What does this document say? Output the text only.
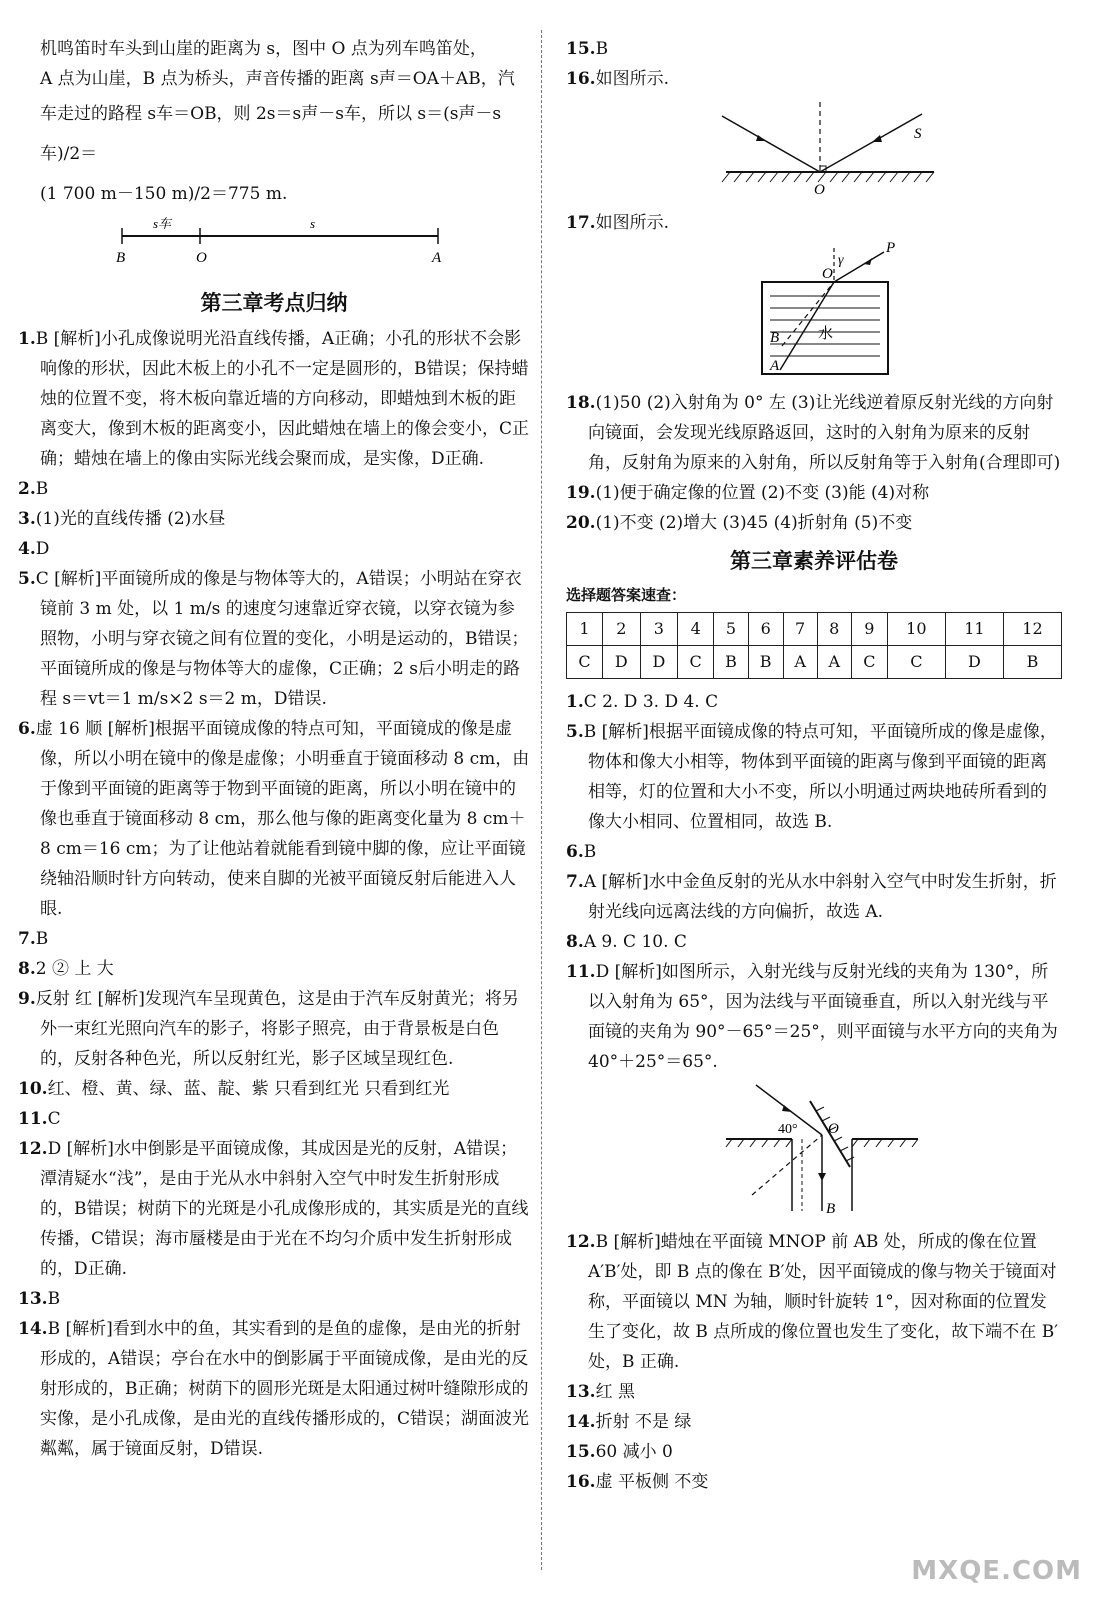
机鸣笛时车头到山崖的距离为 s，图中 O 点为列车鸣笛处，
A 点为山崖，B 点为桥头，声音传播的距离 s声＝OA＋AB，汽
车走过的路程 s车＝OB，则 2s＝s声－s车，所以 s＝(s声－s车)/2＝
(1 700 m－150 m)/2＝775 m.
s车	s
B	O	A
第三章考点归纳
1.B [解析]小孔成像说明光沿直线传播，A正确；小孔的形状不会影响像的形状，因此木板上的小孔不一定是圆形的，B错误；保持蜡烛的位置不变，将木板向靠近墙的方向移动，即蜡烛到木板的距离变大，像到木板的距离变小，因此蜡烛在墙上的像会变小，C正确；蜡烛在墙上的像由实际光线会聚而成，是实像，D正确.
2.B
3.(1)光的直线传播 (2)水昼
4.D
5.C [解析]平面镜所成的像是与物体等大的，A错误；小明站在穿衣镜前 3 m 处，以 1 m/s 的速度匀速靠近穿衣镜，以穿衣镜为参照物，小明与穿衣镜之间有位置的变化，小明是运动的，B错误；平面镜所成的像是与物体等大的虚像，C正确；2 s后小明走的路程 s＝vt＝1 m/s×2 s＝2 m，D错误.
6.虚 16 顺 [解析]根据平面镜成像的特点可知，平面镜成的像是虚像，所以小明在镜中的像是虚像；小明垂直于镜面移动 8 cm，由于像到平面镜的距离等于物到平面镜的距离，所以小明在镜中的像也垂直于镜面移动 8 cm，那么他与像的距离变化量为 8 cm＋8 cm＝16 cm；为了让他站着就能看到镜中脚的像，应让平面镜绕轴沿顺时针方向转动，使来自脚的光被平面镜反射后能进入人眼.
7.B
8.2 ② 上 大
9.反射 红 [解析]发现汽车呈现黄色，这是由于汽车反射黄光；将另外一束红光照向汽车的影子，将影子照亮，由于背景板是白色的，反射各种色光，所以反射红光，影子区域呈现红色.
10.红、橙、黄、绿、蓝、靛、紫 只看到红光 只看到红光
11.C
12.D [解析]水中倒影是平面镜成像，其成因是光的反射，A错误；潭清疑水“浅”，是由于光从水中斜射入空气中时发生折射形成的，B错误；树荫下的光斑是小孔成像形成的，其实质是光的直线传播，C错误；海市蜃楼是由于光在不均匀介质中发生折射形成的，D正确.
13.B
14.B [解析]看到水中的鱼，其实看到的是鱼的虚像，是由光的折射形成的，A错误；亭台在水中的倒影属于平面镜成像，是由光的反射形成的，B正确；树荫下的圆形光斑是太阳通过树叶缝隙形成的实像，是小孔成像，是由光的直线传播形成的，C错误；湖面波光粼粼，属于镜面反射，D错误.
15.B
16.如图所示.
S
O
17.如图所示.
P
O
γ
B
A
水
18.(1)50 (2)入射角为 0° 左 (3)让光线逆着原反射光线的方向射向镜面，会发现光线原路返回，这时的入射角为原来的反射角，反射角为原来的入射角，所以反射角等于入射角(合理即可)
19.(1)便于确定像的位置 (2)不变 (3)能 (4)对称
20.(1)不变 (2)增大 (3)45 (4)折射角 (5)不变
第三章素养评估卷
选择题答案速查：
1	2	3	4	5	6	7	8	9	10	11	12
C	D	D	C	B	B	A	A	C	C	D	B
1.C 2. D 3. D 4. C
5.B [解析]根据平面镜成像的特点可知，平面镜所成的像是虚像，物体和像大小相等，物体到平面镜的距离与像到平面镜的距离相等，灯的位置和大小不变，所以小明通过两块地砖所看到的像大小相同、位置相同，故选 B.
6.B
7.A [解析]水中金鱼反射的光从水中斜射入空气中时发生折射，折射光线向远离法线的方向偏折，故选 A.
8.A 9. C 10. C
11.D [解析]如图所示，入射光线与反射光线的夹角为 130°，所以入射角为 65°，因为法线与平面镜垂直，所以入射光线与平面镜的夹角为 90°－65°＝25°，则平面镜与水平方向的夹角为 40°＋25°＝65°.
40° O
B
12.B [解析]蜡烛在平面镜 MNOP 前 AB 处，所成的像在位置 A′B′处，即 B 点的像在 B′处，因平面镜成的像与物关于镜面对称，平面镜以 MN 为轴，顺时针旋转 1°，因对称面的位置发生了变化，故 B 点所成的像位置也发生了变化，故下端不在 B′处，B 正确.
13.红 黑
14.折射 不是 绿
15.60 减小 0
16.虚 平板侧 不变
MXQE.COM
